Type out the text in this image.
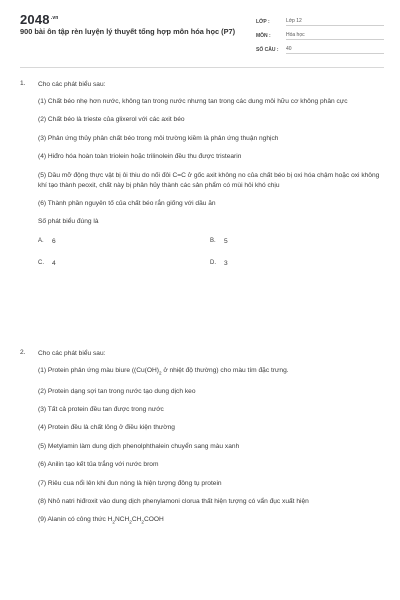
$2048^{.vn}$
900 bài ôn tập rèn luyện lý thuyết tổng hợp môn hóa học (P7)
LỚP :	Lớp 12
MÔN :	Hóa học
SỐ CÂU :	40
1.	Cho các phát biểu sau:
(1) Chất béo nhẹ hơn nước, không tan trong nước nhưng tan trong các dung môi hữu cơ không phân cực
(2) Chất béo là trieste của glixerol với các axit béo
(3) Phản ứng thủy phân chất béo trong môi trường kiềm là phản ứng thuận nghịch
(4) Hiđro hóa hoàn toàn triolein hoặc trilinolein đều thu được tristearin
(5) Dầu mỡ động thực vật bị ôi thiu do nối đôi C=C ở gốc axit không no của chất béo bị oxi hóa chậm hoặc oxi không khí tạo thành peoxit, chất này bị phân hủy thành các sản phẩm có mùi hôi khó chịu
(6) Thành phần nguyên tố của chất béo rắn giống với dầu ăn
Số phát biểu đúng là
A.	6	B.	5
C.	4	D.	3
2.	Cho các phát biểu sau:
(1) Protein phản ứng màu biure (($Cu(OH)_2$ ở nhiệt độ thường) cho màu tím đặc trưng.
(2) Protein dạng sợi tan trong nước tạo dung dịch keo
(3) Tất cả protein đều tan được trong nước
(4) Protein đều là chất lỏng ở điều kiện thường
(5) Metylamin làm dung dịch phenolphthalein chuyển sang màu xanh
(6) Anilin tạo kết tủa trắng với nước brom
(7) Riêu cua nổi lên khi đun nóng là hiện tượng đông tụ protein
(8) Nhỏ natri hiđroxit vào dung dịch phenylamoni clorua thất hiện tượng có vẩn đục xuất hiện
(9) Alanin có công thức $H_2NCH_2CH_2COOH$
